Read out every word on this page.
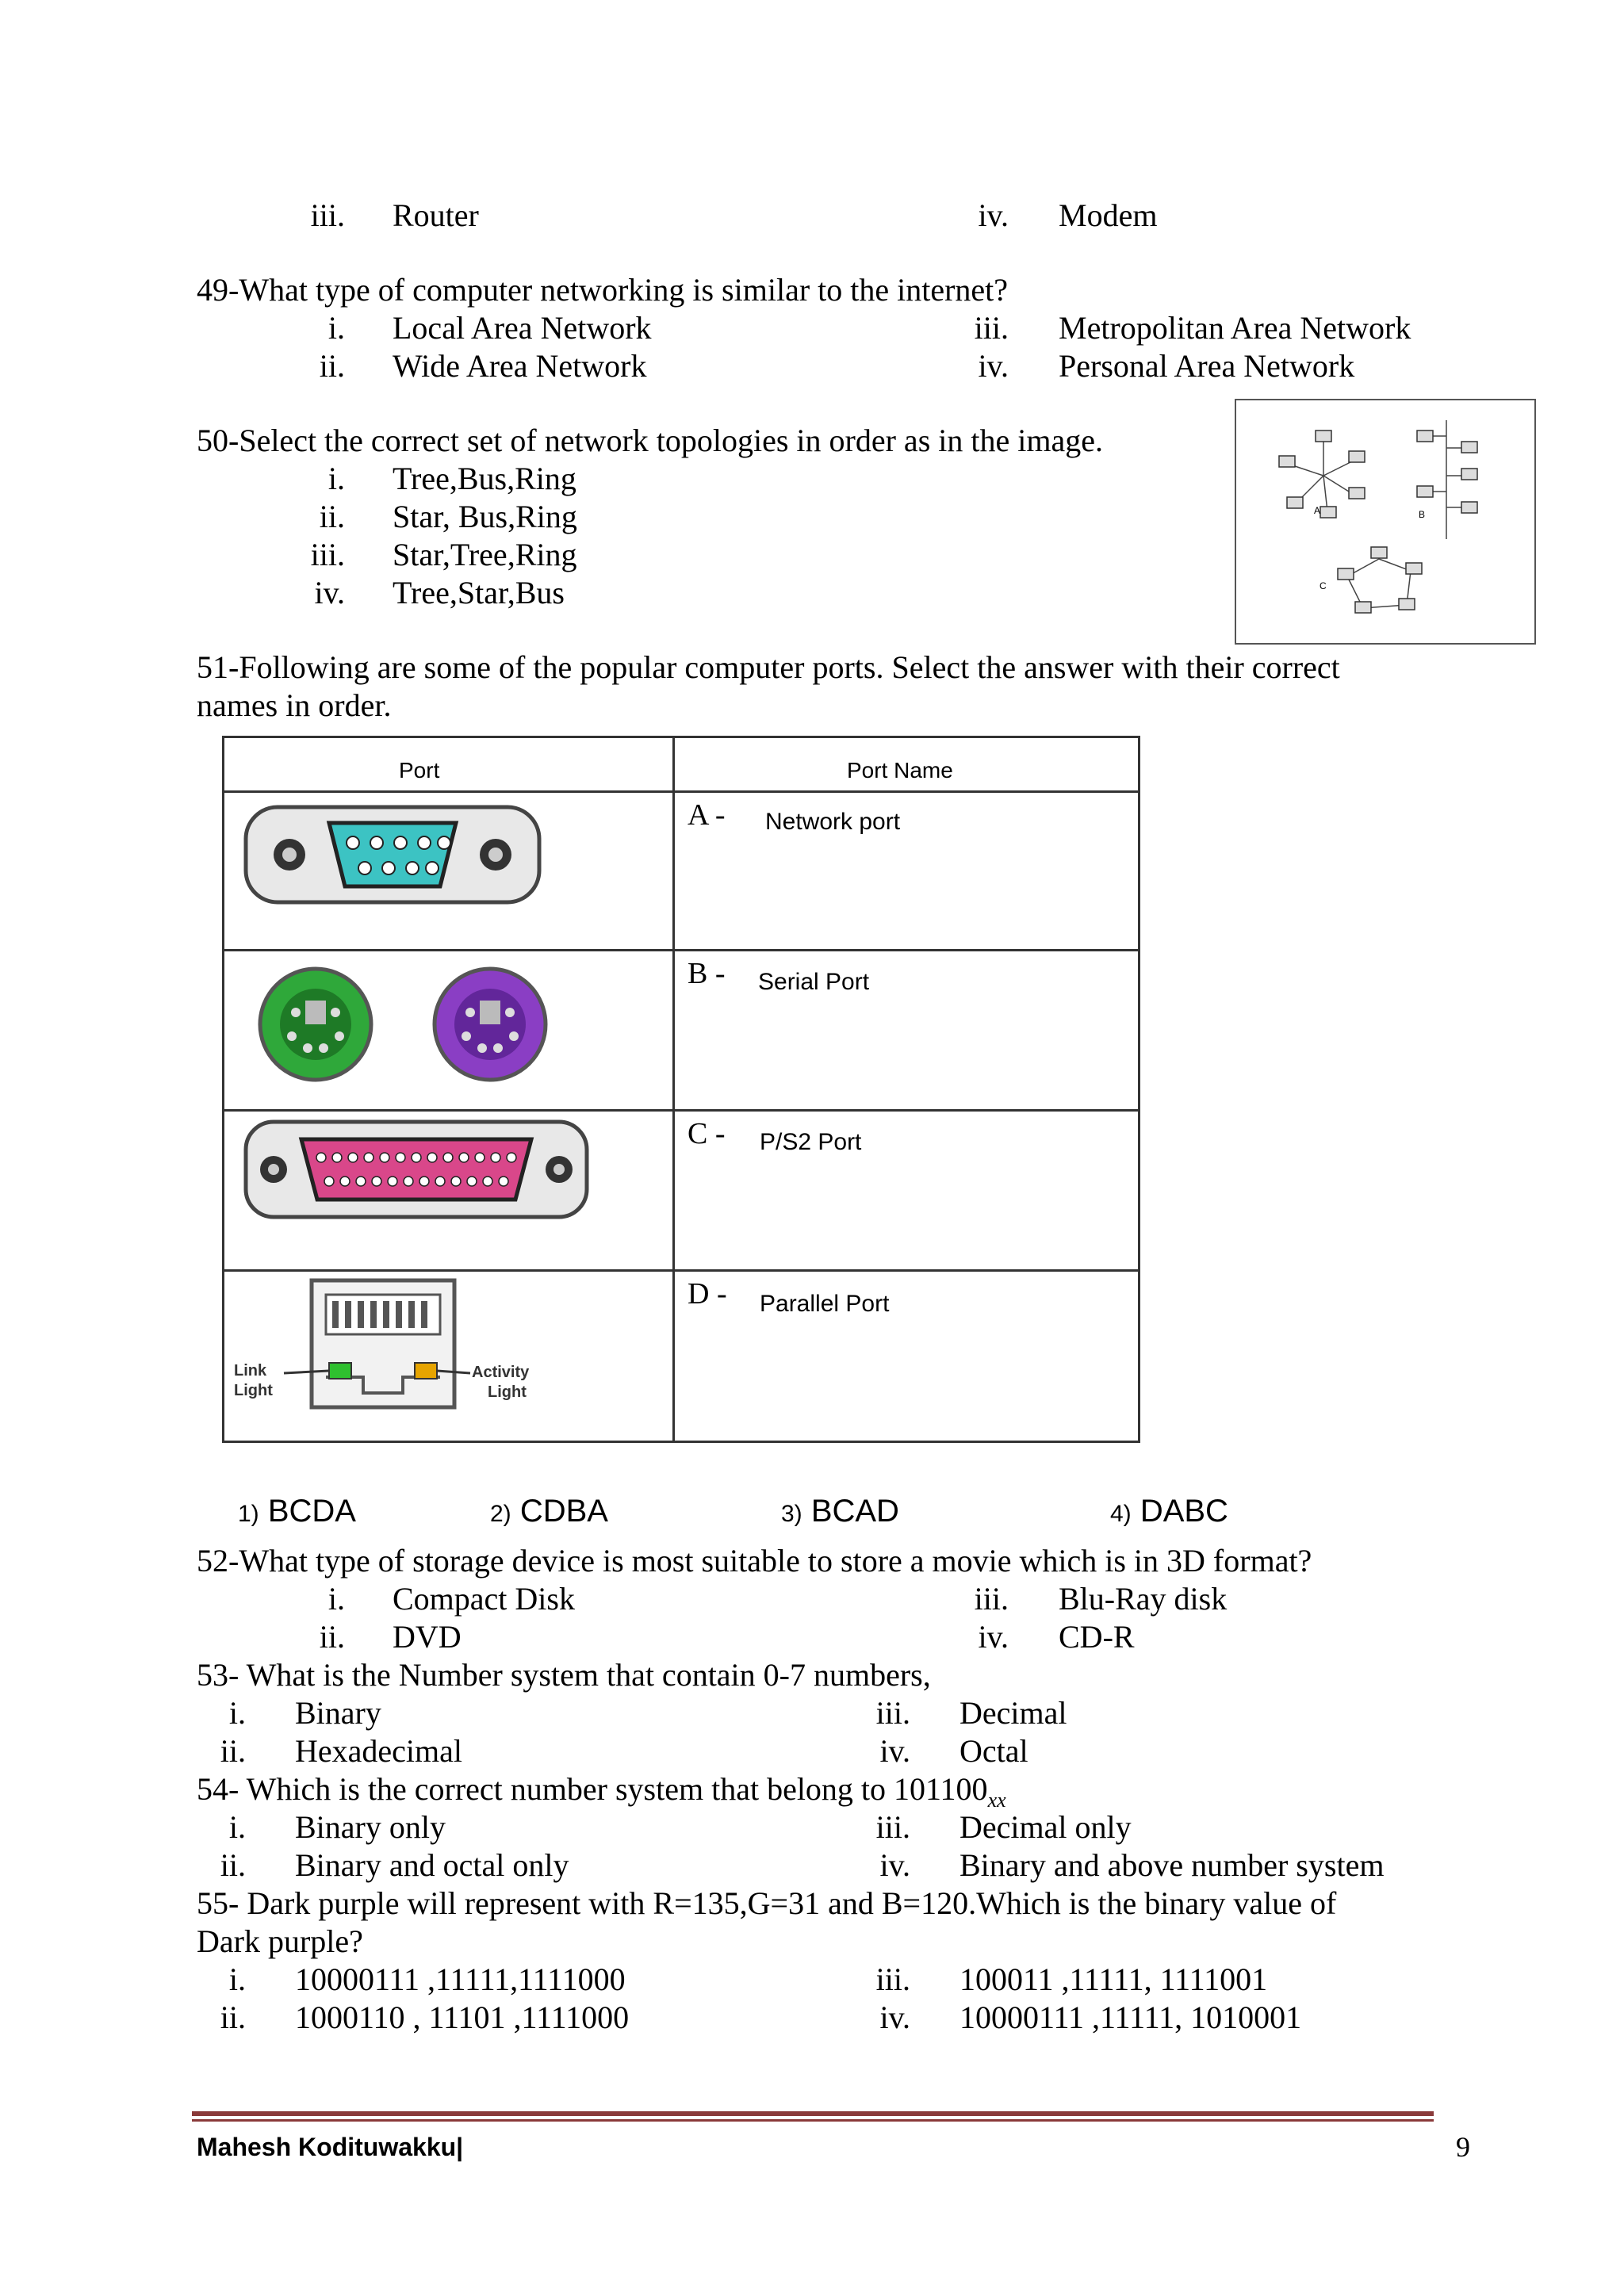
iii. Router	iv. Modem
49-What type of computer networking is similar to the internet?
i. Local Area Network	iii. Metropolitan Area Network
ii. Wide Area Network	iv. Personal Area Network
50-Select the correct set of network topologies in order as in the image.
i. Tree,Bus,Ring
ii. Star, Bus,Ring
iii. Star,Tree,Ring
iv. Tree,Star,Bus
A	B
C
51-Following are some of the popular computer ports. Select the answer with their correct
names in order.
Port	Port Name
A - Network port
B - Serial Port
C - P/S2 Port
Link
Light
Activity
Light
D - Parallel Port
1) BCDA	2) CDBA	3) BCAD	4) DABC
52-What type of storage device is most suitable to store a movie which is in 3D format?
i. Compact Disk	iii. Blu-Ray disk
ii. DVD	iv. CD-R
53- What is the Number system that contain 0-7 numbers,
i. Binary	iii. Decimal
ii. Hexadecimal	iv. Octal
54- Which is the correct number system that belong to $101100_{xx}$
i. Binary only	iii. Decimal only
ii. Binary and octal only	iv. Binary and above number system
55- Dark purple will represent with R=135,G=31 and B=120.Which is the binary value of
Dark purple?
i. 10000111 ,11111,1111000	iii. 100011 ,11111, 1111001
ii. 1000110 , 11101 ,1111000	iv. 10000111 ,11111, 1010001
Mahesh Kodituwakku|	9
